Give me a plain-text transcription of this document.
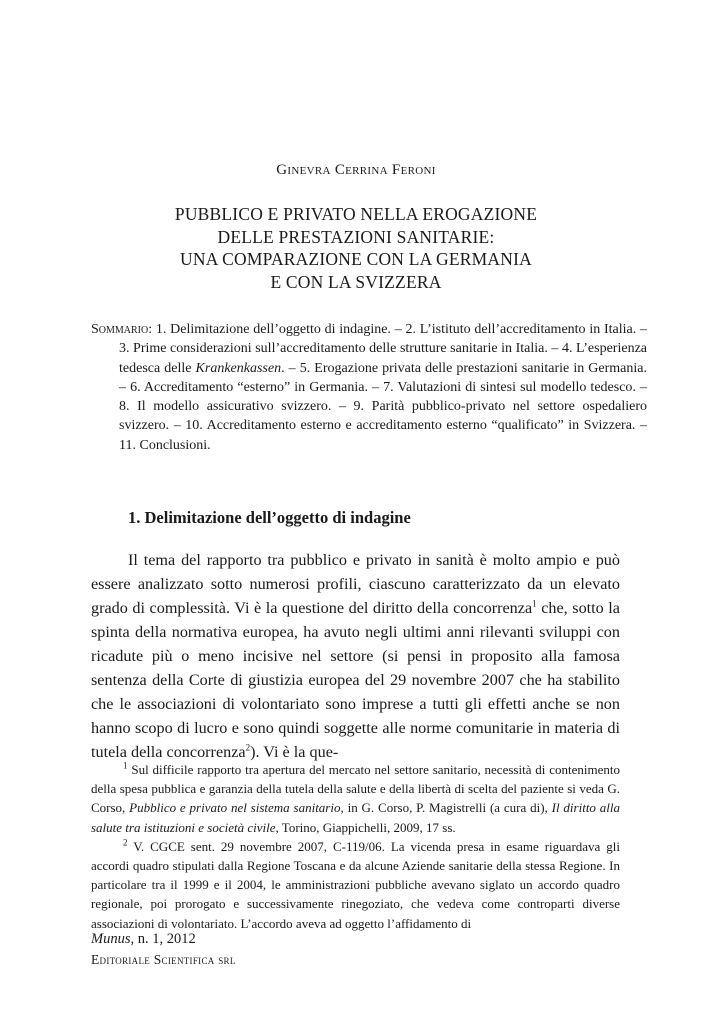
Ginevra Cerrina Feroni
PUBBLICO E PRIVATO NELLA EROGAZIONE
DELLE PRESTAZIONI SANITARIE:
UNA COMPARAZIONE CON LA GERMANIA
E CON LA SVIZZERA
Sommario: 1. Delimitazione dell’oggetto di indagine. – 2. L’istituto dell’accreditamento in Italia. – 3. Prime considerazioni sull’accreditamento delle strutture sanitarie in Italia. – 4. L’esperienza tedesca delle Krankenkassen. – 5. Erogazione privata delle prestazioni sanitarie in Germania. – 6. Accreditamento “esterno” in Germania. – 7. Valutazioni di sintesi sul modello tedesco. – 8. Il modello assicurativo svizzero. – 9. Parità pubblico-privato nel settore ospedaliero svizzero. – 10. Accreditamento esterno e accreditamento esterno “qualificato” in Svizzera. – 11. Conclusioni.
1. Delimitazione dell’oggetto di indagine
Il tema del rapporto tra pubblico e privato in sanità è molto ampio e può essere analizzato sotto numerosi profili, ciascuno caratterizzato da un elevato grado di complessità. Vi è la questione del diritto della concorrenza$^1$ che, sotto la spinta della normativa europea, ha avuto negli ultimi anni rilevanti sviluppi con ricadute più o meno incisive nel settore (si pensi in proposito alla famosa sentenza della Corte di giustizia europea del 29 novembre 2007 che ha stabilito che le associazioni di volontariato sono imprese a tutti gli effetti anche se non hanno scopo di lucro e sono quindi soggette alle norme comunitarie in materia di tutela della concorrenza$^2$). Vi è la que-

$^1$ Sul difficile rapporto tra apertura del mercato nel settore sanitario, necessità di contenimento della spesa pubblica e garanzia della tutela della salute e della libertà di scelta del paziente si veda G. Corso, Pubblico e privato nel sistema sanitario, in G. Corso, P. Magistrelli (a cura di), Il diritto alla salute tra istituzioni e società civile, Torino, Giappichelli, 2009, 17 ss.

$^2$ V. CGCE sent. 29 novembre 2007, C-119/06. La vicenda presa in esame riguardava gli accordi quadro stipulati dalla Regione Toscana e da alcune Aziende sanitarie della stessa Regione. In particolare tra il 1999 e il 2004, le amministrazioni pubbliche avevano siglato un accordo quadro regionale, poi prorogato e successivamente rinegoziato, che vedeva come controparti diverse associazioni di volontariato. L’accordo aveva ad oggetto l’affidamento di

Munus, n. 1, 2012
Editoriale Scientifica srl
